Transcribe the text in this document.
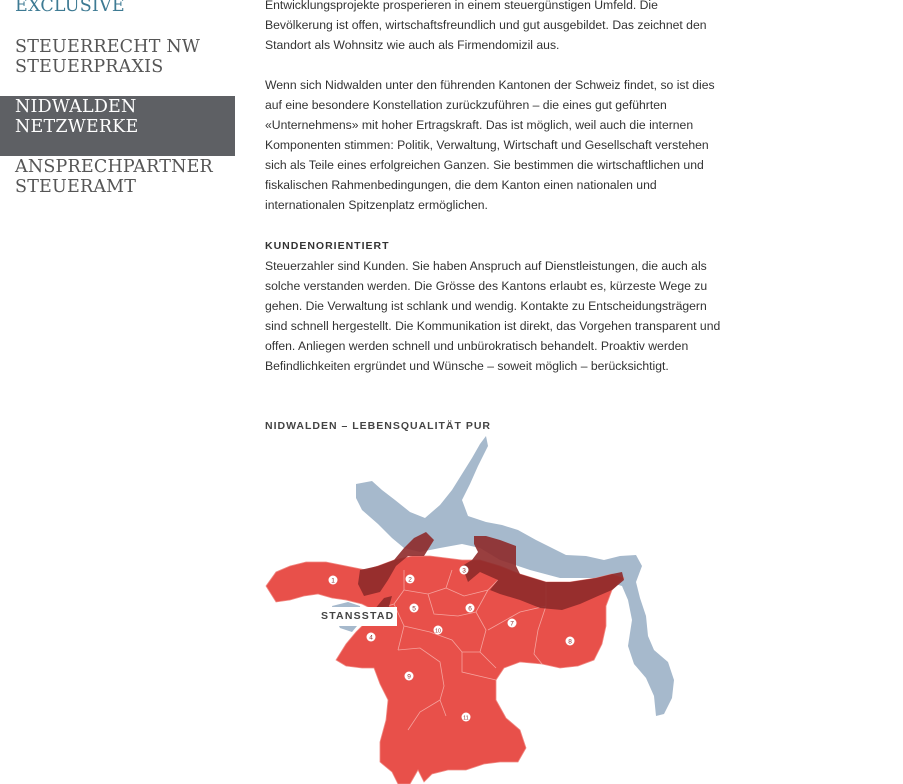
EXCLUSIVE
STEUERRECHT NW
STEUERPRAXIS
NIDWALDEN
NETZWERKE
ANSPRECHPARTNER
STEUERAMT

Entwicklungsprojekte prosperieren in einem steuergünstigen Umfeld. Die
Bevölkerung ist offen, wirtschaftsfreundlich und gut ausgebildet. Das zeichnet den
Standort als Wohnsitz wie auch als Firmendomizil aus.

Wenn sich Nidwalden unter den führenden Kantonen der Schweiz findet, so ist dies
auf eine besondere Konstellation zurückzuführen – die eines gut geführten
«Unternehmens» mit hoher Ertragskraft. Das ist möglich, weil auch die internen
Komponenten stimmen: Politik, Verwaltung, Wirtschaft und Gesellschaft verstehen
sich als Teile eines erfolgreichen Ganzen. Sie bestimmen die wirtschaftlichen und
fiskalischen Rahmenbedingungen, die dem Kanton einen nationalen und
internationalen Spitzenplatz ermöglichen.

KUNDENORIENTIERT

Steuerzahler sind Kunden. Sie haben Anspruch auf Dienstleistungen, die auch als
solche verstanden werden. Die Grösse des Kantons erlaubt es, kürzeste Wege zu
gehen. Die Verwaltung ist schlank und wendig. Kontakte zu Entscheidungsträgern
sind schnell hergestellt. Die Kommunikation ist direkt, das Vorgehen transparent und
offen. Anliegen werden schnell und unbürokratisch behandelt. Proaktiv werden
Befindlichkeiten ergründet und Wünsche – soweit möglich – berücksichtigt.

NIDWALDEN – LEBENSQUALITÄT PUR
1	2
3
4
5	6
7
8
9
10
11
STANSSTAD
